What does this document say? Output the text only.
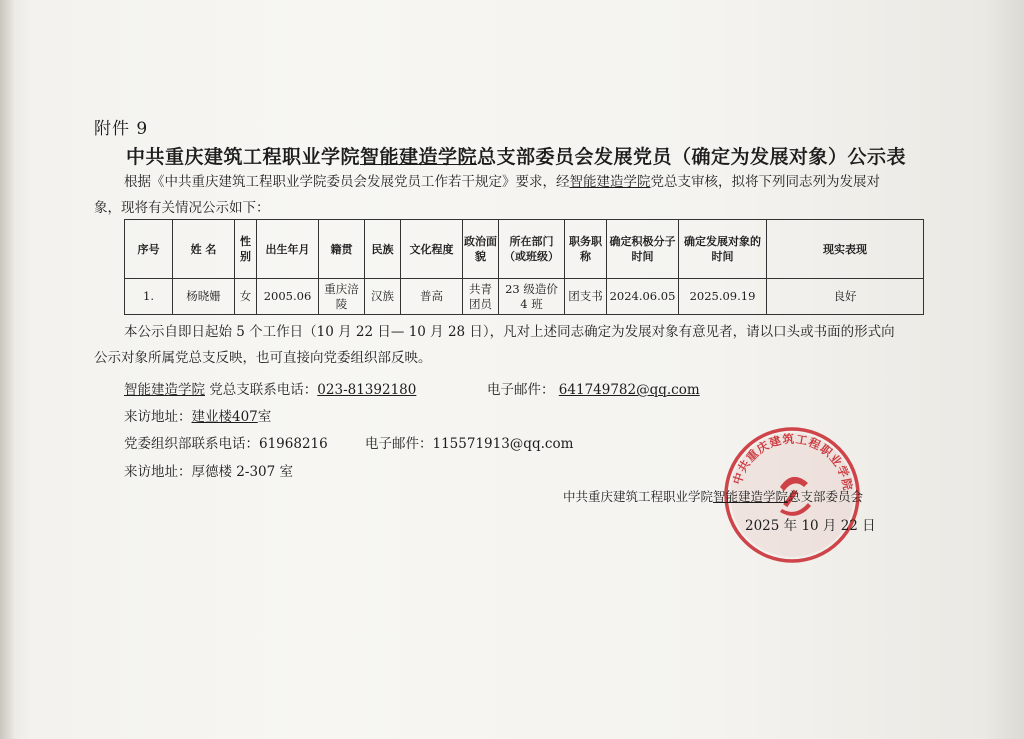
附件 9
中共重庆建筑工程职业学院智能建造学院总支部委员会发展党员（确定为发展对象）公示表
根据《中共重庆建筑工程职业学院委员会发展党员工作若干规定》要求，经智能建造学院党总支审核，拟将下列同志列为发展对
象，现将有关情况公示如下：
序号	姓 名	性别	出生年月	籍贯	民族	文化程度	政治面貌	所在部门（或班级）	职务职称	确定积极分子时间	确定发展对象的时间	现实表现
1.	杨晓姗	女	2005.06	重庆涪陵	汉族	普高	共青团员	23 级造价 4 班	团支书	2024.06.05	2025.09.19	良好
本公示自即日起始 5 个工作日（10 月 22 日— 10 月 28 日），凡对上述同志确定为发展对象有意见者，请以口头或书面的形式向
公示对象所属党总支反映，也可直接向党委组织部反映。
智能建造学院 党总支联系电话：023-81392180	电子邮件： 641749782@qq.com
来访地址：建业楼407室
党委组织部联系电话：61968216	电子邮件：115571913@qq.com
来访地址：厚德楼 2-307 室	中共重庆建筑工程职业学院
中共重庆建筑工程职业学院智能建造学院总支部委员会
2025 年 10 月 22 日
